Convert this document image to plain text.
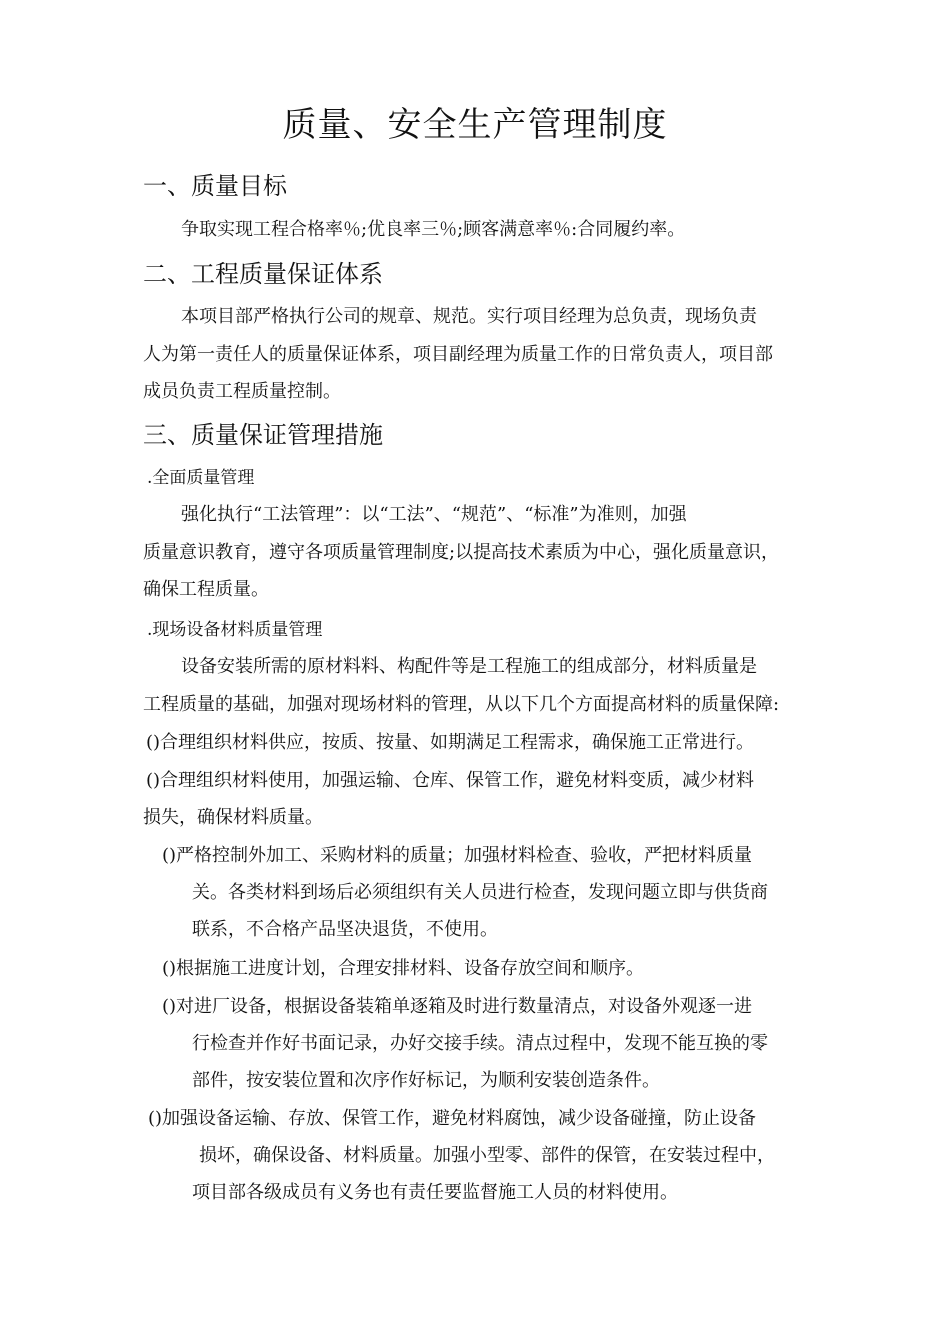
质量、安全生产管理制度
一、质量目标
争取实现工程合格率％;优良率三％;顾客满意率％:合同履约率。
二、工程质量保证体系
本项目部严格执行公司的规章、规范。实行项目经理为总负责，现场负责
人为第一责任人的质量保证体系，项目副经理为质量工作的日常负责人，项目部
成员负责工程质量控制。
三、质量保证管理措施
.全面质量管理
强化执行“工法管理”：以“工法”、“规范”、“标准”为准则，加强
质量意识教育，遵守各项质量管理制度;以提高技术素质为中心，强化质量意识，
确保工程质量。
.现场设备材料质量管理
设备安装所需的原材料料、构配件等是工程施工的组成部分，材料质量是
工程质量的基础，加强对现场材料的管理，从以下几个方面提高材料的质量保障:
()合理组织材料供应，按质、按量、如期满足工程需求，确保施工正常进行。
()合理组织材料使用，加强运输、仓库、保管工作，避免材料变质，减少材料
损失，确保材料质量。
()严格控制外加工、采购材料的质量；加强材料检查、验收，严把材料质量
关。各类材料到场后必须组织有关人员进行检查，发现问题立即与供货商
联系，不合格产品坚决退货，不使用。
()根据施工进度计划，合理安排材料、设备存放空间和顺序。
()对进厂设备，根据设备装箱单逐箱及时进行数量清点，对设备外观逐一进
行检查并作好书面记录，办好交接手续。清点过程中，发现不能互换的零
部件，按安装位置和次序作好标记，为顺利安装创造条件。
()加强设备运输、存放、保管工作，避免材料腐蚀，减少设备碰撞，防止设备
损坏，确保设备、材料质量。加强小型零、部件的保管，在安装过程中，
项目部各级成员有义务也有责任要监督施工人员的材料使用。
